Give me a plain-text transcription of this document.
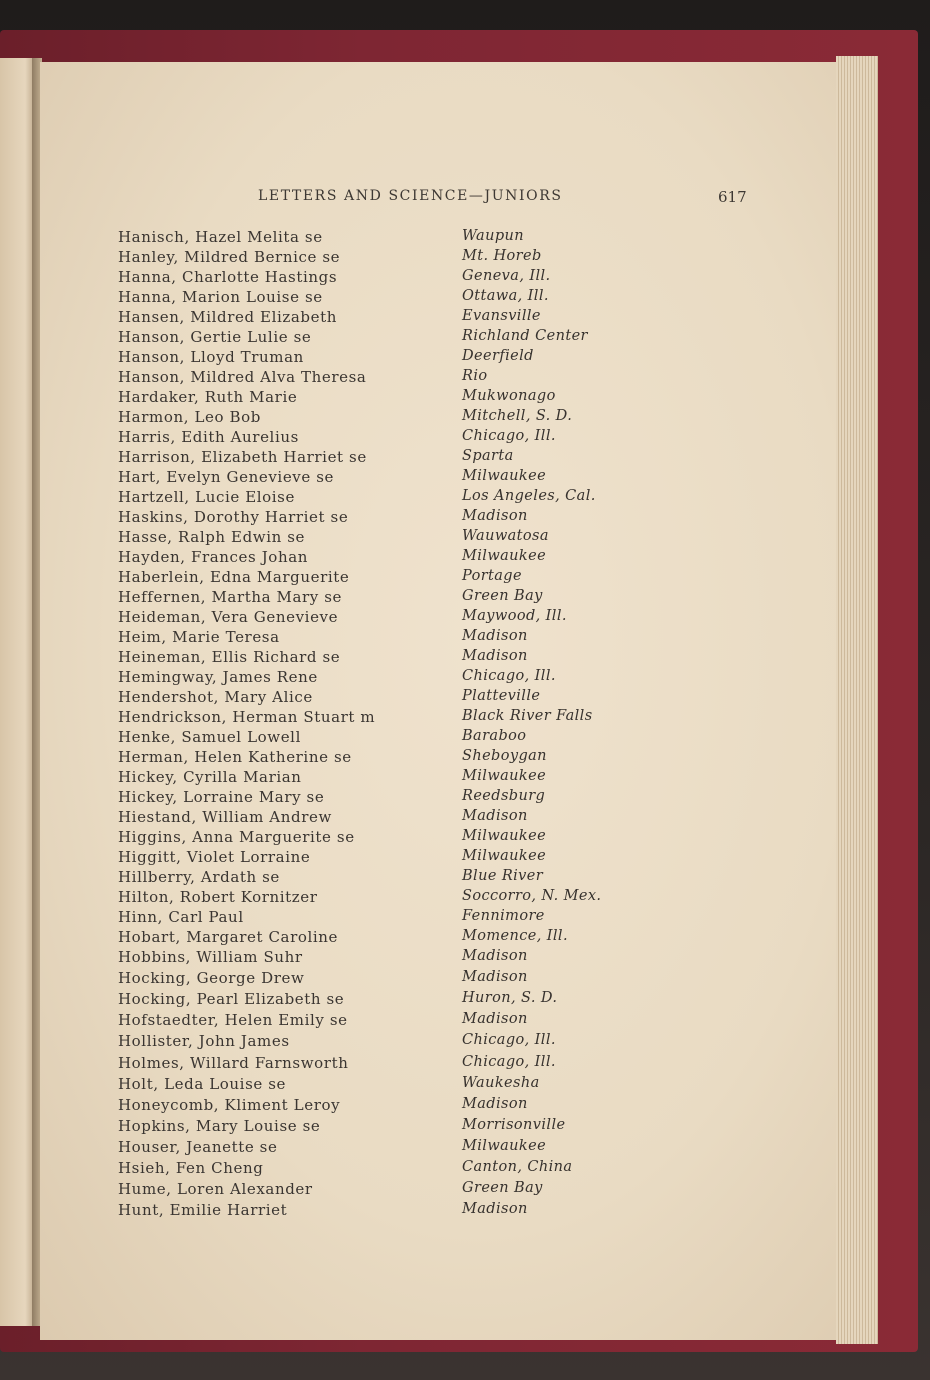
LETTERS AND SCIENCE—JUNIORS	617
Hanisch, Hazel Melita se	Waupun
Hanley, Mildred Bernice se	Mt. Horeb
Hanna, Charlotte Hastings	Geneva, Ill.
Hanna, Marion Louise se	Ottawa, Ill.
Hansen, Mildred Elizabeth	Evansville
Hanson, Gertie Lulie se	Richland Center
Hanson, Lloyd Truman	Deerfield
Hanson, Mildred Alva Theresa	Rio
Hardaker, Ruth Marie	Mukwonago
Harmon, Leo Bob	Mitchell, S. D.
Harris, Edith Aurelius	Chicago, Ill.
Harrison, Elizabeth Harriet se	Sparta
Hart, Evelyn Genevieve se	Milwaukee
Hartzell, Lucie Eloise	Los Angeles, Cal.
Haskins, Dorothy Harriet se	Madison
Hasse, Ralph Edwin se	Wauwatosa
Hayden, Frances Johan	Milwaukee
Haberlein, Edna Marguerite	Portage
Heffernen, Martha Mary se	Green Bay
Heideman, Vera Genevieve	Maywood, Ill.
Heim, Marie Teresa	Madison
Heineman, Ellis Richard se	Madison
Hemingway, James Rene	Chicago, Ill.
Hendershot, Mary Alice	Platteville
Hendrickson, Herman Stuart m	Black River Falls
Henke, Samuel Lowell	Baraboo
Herman, Helen Katherine se	Sheboygan
Hickey, Cyrilla Marian	Milwaukee
Hickey, Lorraine Mary se	Reedsburg
Hiestand, William Andrew	Madison
Higgins, Anna Marguerite se	Milwaukee
Higgitt, Violet Lorraine	Milwaukee
Hillberry, Ardath se	Blue River
Hilton, Robert Kornitzer	Soccorro, N. Mex.
Hinn, Carl Paul	Fennimore
Hobart, Margaret Caroline	Momence, Ill.
Hobbins, William Suhr	Madison
Hocking, George Drew	Madison
Hocking, Pearl Elizabeth se	Huron, S. D.
Hofstaedter, Helen Emily se	Madison
Hollister, John James	Chicago, Ill.
Holmes, Willard Farnsworth	Chicago, Ill.
Holt, Leda Louise se	Waukesha
Honeycomb, Kliment Leroy	Madison
Hopkins, Mary Louise se	Morrisonville
Houser, Jeanette se	Milwaukee
Hsieh, Fen Cheng	Canton, China
Hume, Loren Alexander	Green Bay
Hunt, Emilie Harriet	Madison
